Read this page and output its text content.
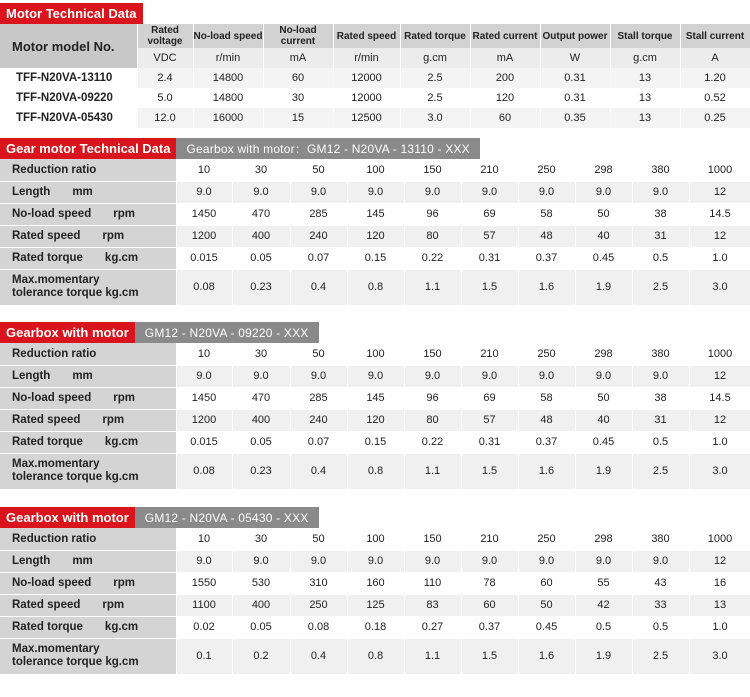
Motor Technical Data
Motor model No.	Rated voltage	No-load speed	No-load current	Rated speed	Rated torque	Rated current	Output power	Stall torque	Stall current
	VDC	r/min	mA	r/min	g.cm	mA	W	g.cm	A
TFF-N20VA-13110	2.4	14800	60	12000	2.5	200	0.31	13	1.20
TFF-N20VA-09220	5.0	14800	30	12000	2.5	120	0.31	13	0.52
TFF-N20VA-05430	12.0	16000	15	12500	3.0	60	0.35	13	0.25
Gear motor Technical Data	Gearbox with motor：GM12 - N20VA - 13110 - XXX
Reduction ratio	10	30	50	100	150	210	250	298	380	1000
Length mm	9.0	9.0	9.0	9.0	9.0	9.0	9.0	9.0	9.0	12
No-load speed rpm	1450	470	285	145	96	69	58	50	38	14.5
Rated speed rpm	1200	400	240	120	80	57	48	40	31	12
Rated torque kg.cm	0.015	0.05	0.07	0.15	0.22	0.31	0.37	0.45	0.5	1.0
Max.momentary
tolerance torque kg.cm	0.08	0.23	0.4	0.8	1.1	1.5	1.6	1.9	2.5	3.0
Gearbox with motor	GM12 - N20VA - 09220 - XXX
Reduction ratio	10	30	50	100	150	210	250	298	380	1000
Length mm	9.0	9.0	9.0	9.0	9.0	9.0	9.0	9.0	9.0	12
No-load speed rpm	1450	470	285	145	96	69	58	50	38	14.5
Rated speed rpm	1200	400	240	120	80	57	48	40	31	12
Rated torque kg.cm	0.015	0.05	0.07	0.15	0.22	0.31	0.37	0.45	0.5	1.0
Max.momentary
tolerance torque kg.cm	0.08	0.23	0.4	0.8	1.1	1.5	1.6	1.9	2.5	3.0
Gearbox with motor	GM12 - N20VA - 05430 - XXX
Reduction ratio	10	30	50	100	150	210	250	298	380	1000
Length mm	9.0	9.0	9.0	9.0	9.0	9.0	9.0	9.0	9.0	12
No-load speed rpm	1550	530	310	160	110	78	60	55	43	16
Rated speed rpm	1100	400	250	125	83	60	50	42	33	13
Rated torque kg.cm	0.02	0.05	0.08	0.18	0.27	0.37	0.45	0.5	0.5	1.0
Max.momentary
tolerance torque kg.cm	0.1	0.2	0.4	0.8	1.1	1.5	1.6	1.9	2.5	3.0
